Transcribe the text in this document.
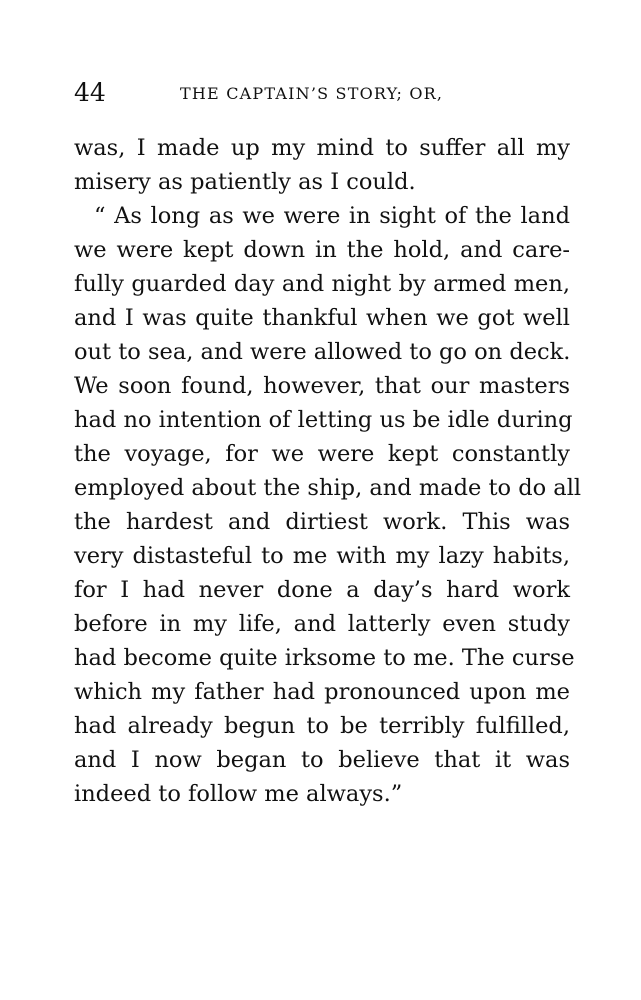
44	THE CAPTAIN’S STORY; OR,
was, I made up my mind to suffer all my
misery as patiently as I could.
“ As long as we were in sight of the land
we were kept down in the hold, and care-
fully guarded day and night by armed men,
and I was quite thankful when we got well
out to sea, and were allowed to go on deck.
We soon found, however, that our masters
had no intention of letting us be idle during
the voyage, for we were kept constantly
employed about the ship, and made to do all
the hardest and dirtiest work. This was
very distasteful to me with my lazy habits,
for I had never done a day’s hard work
before in my life, and latterly even study
had become quite irksome to me. The curse
which my father had pronounced upon me
had already begun to be terribly fulfilled,
and I now began to believe that it was
indeed to follow me always.”
